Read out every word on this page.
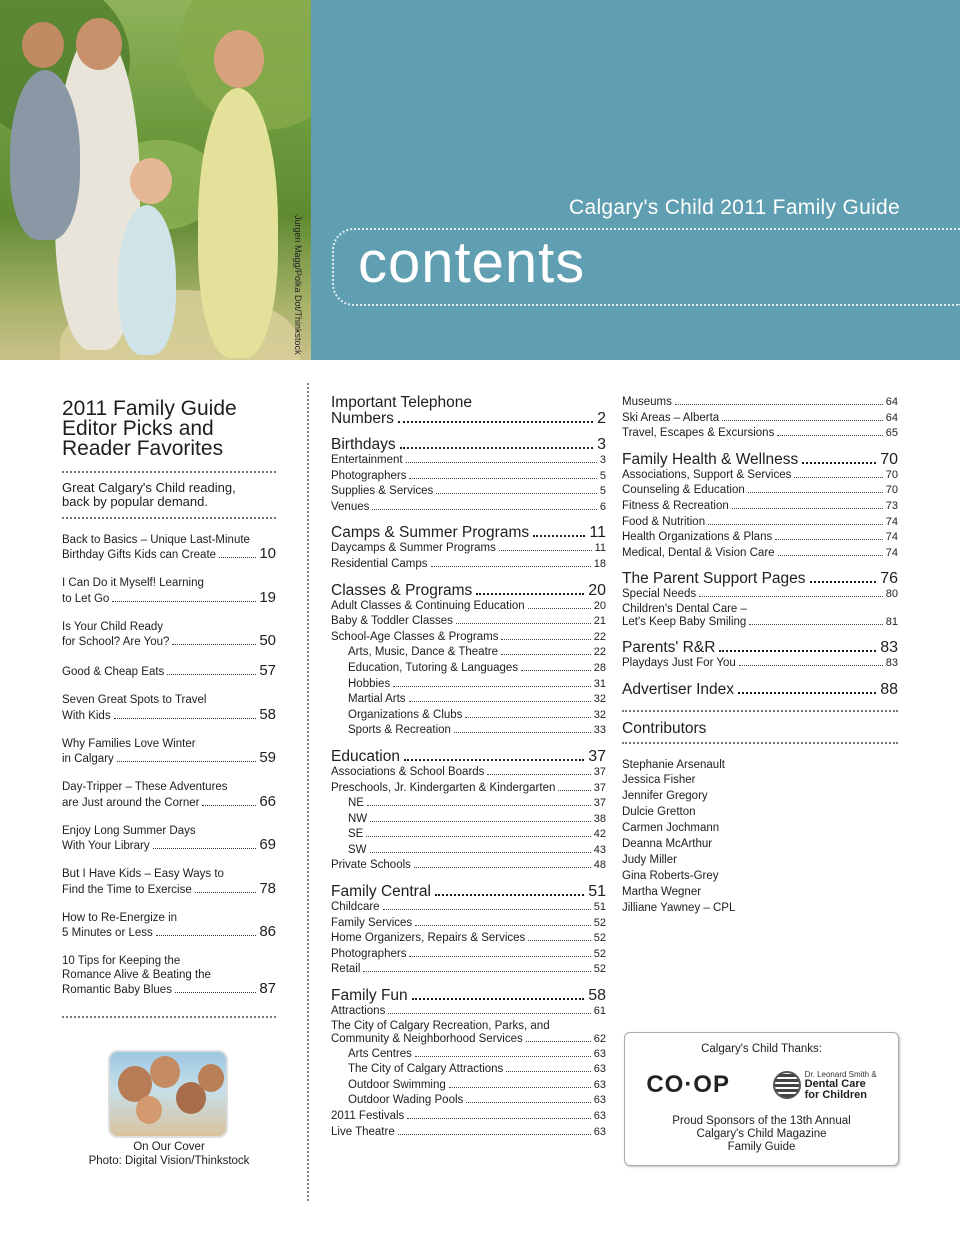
Jurgen Magg/Polka Dot/Thinkstock
Calgary's Child 2011 Family Guide
contents
2011 Family Guide
Editor Picks and
Reader Favorites
Great Calgary's Child reading,
back by popular demand.
Back to Basics – Unique Last-Minute
Birthday Gifts Kids can Create	10
I Can Do it Myself! Learning
to Let Go	19
Is Your Child Ready
for School? Are You?	50
Good & Cheap Eats	57
Seven Great Spots to Travel
With Kids	58
Why Families Love Winter
in Calgary	59
Day-Tripper – These Adventures
are Just around the Corner	66
Enjoy Long Summer Days
With Your Library	69
But I Have Kids – Easy Ways to
Find the Time to Exercise	78
How to Re-Energize in
5 Minutes or Less	86
10 Tips for Keeping the
Romance Alive & Beating the
Romantic Baby Blues	87
On Our Cover
Photo: Digital Vision/Thinkstock
Important Telephone
Numbers	2
Birthdays	3
Entertainment	3
Photographers	5
Supplies & Services	5
Venues	6
Camps & Summer Programs	11
Daycamps & Summer Programs	11
Residential Camps	18
Classes & Programs	20
Adult Classes & Continuing Education	20
Baby & Toddler Classes	21
School-Age Classes & Programs	22
Arts, Music, Dance & Theatre	22
Education, Tutoring & Languages	28
Hobbies	31
Martial Arts	32
Organizations & Clubs	32
Sports & Recreation	33
Education	37
Associations & School Boards	37
Preschools, Jr. Kindergarten & Kindergarten	37
NE	37
NW	38
SE	42
SW	43
Private Schools	48
Family Central	51
Childcare	51
Family Services	52
Home Organizers, Repairs & Services	52
Photographers	52
Retail	52
Family Fun	58
Attractions	61
The City of Calgary Recreation, Parks, and
Community & Neighborhood Services	62
Arts Centres	63
The City of Calgary Attractions	63
Outdoor Swimming	63
Outdoor Wading Pools	63
2011 Festivals	63
Live Theatre	63
Museums	64
Ski Areas – Alberta	64
Travel, Escapes & Excursions	65
Family Health & Wellness	70
Associations, Support & Services	70
Counseling & Education	70
Fitness & Recreation	73
Food & Nutrition	74
Health Organizations & Plans	74
Medical, Dental & Vision Care	74
The Parent Support Pages	76
Special Needs	80
Children's Dental Care –
Let's Keep Baby Smiling	81
Parents' R&R	83
Playdays Just For You	83
Advertiser Index	88
Contributors
Stephanie Arsenault
Jessica Fisher
Jennifer Gregory
Dulcie Gretton
Carmen Jochmann
Deanna McArthur
Judy Miller
Gina Roberts-Grey
Martha Wegner
Jilliane Yawney – CPL
Calgary's Child Thanks:
CO·OP	Dr. Leonard Smith &
Dental Care
for Children
Proud Sponsors of the 13th Annual
Calgary's Child Magazine
Family Guide
